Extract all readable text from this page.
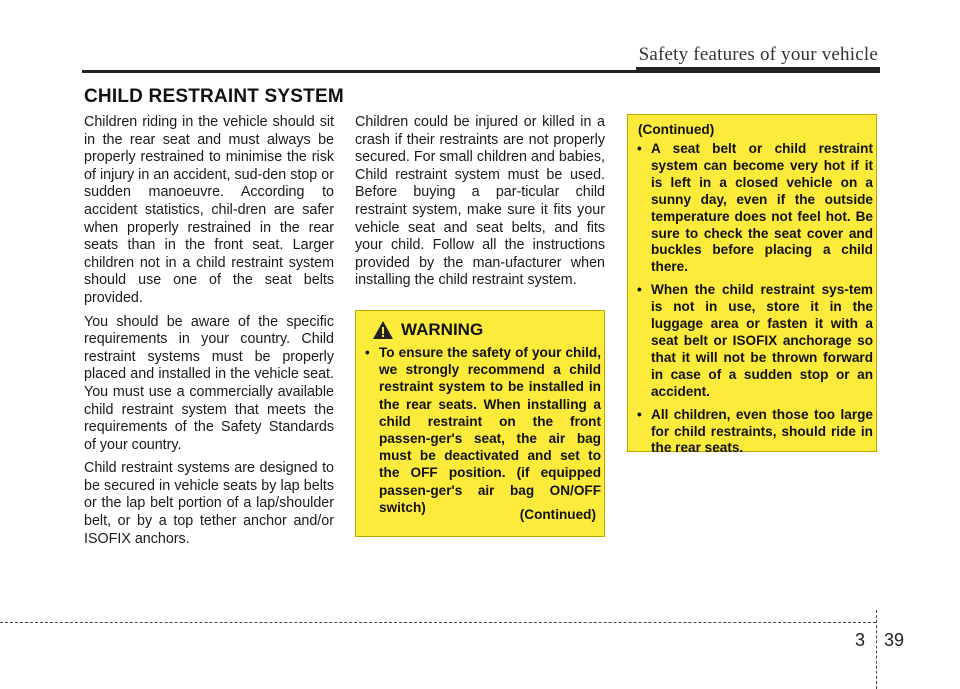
Safety features of your vehicle
CHILD RESTRAINT SYSTEM

Children riding in the vehicle should sit in the rear seat and must always be properly restrained to minimise the risk of injury in an accident, sud-den stop or sudden manoeuvre. According to accident statistics, chil-dren are safer when properly restrained in the rear seats than in the front seat. Larger children not in a child restraint system should use one of the seat belts provided.

You should be aware of the specific requirements in your country. Child restraint systems must be properly placed and installed in the vehicle seat. You must use a commercially available child restraint system that meets the requirements of the Safety Standards of your country.

Child restraint systems are designed to be secured in vehicle seats by lap belts or the lap belt portion of a lap/shoulder belt, or by a top tether anchor and/or ISOFIX anchors.

Children could be injured or killed in a crash if their restraints are not properly secured. For small children and babies, Child restraint system must be used. Before buying a par-ticular child restraint system, make sure it fits your vehicle seat and seat belts, and fits your child. Follow all the instructions provided by the man-ufacturer when installing the child restraint system.

WARNING
• To ensure the safety of your child, we strongly recommend a child restraint system to be installed in the rear seats. When installing a child restraint on the front passen-ger's seat, the air bag must be deactivated and set to the OFF position. (if equipped passen-ger's air bag ON/OFF switch)	(Continued)
(Continued)
• A seat belt or child restraint system can become very hot if it is left in a closed vehicle on a sunny day, even if the outside temperature does not feel hot. Be sure to check the seat cover and buckles before placing a child there.
• When the child restraint sys-tem is not in use, store it in the luggage area or fasten it with a seat belt or ISOFIX anchorage so that it will not be thrown forward in case of a sudden stop or an accident.
• All children, even those too large for child restraints, should ride in the rear seats.
3 39
